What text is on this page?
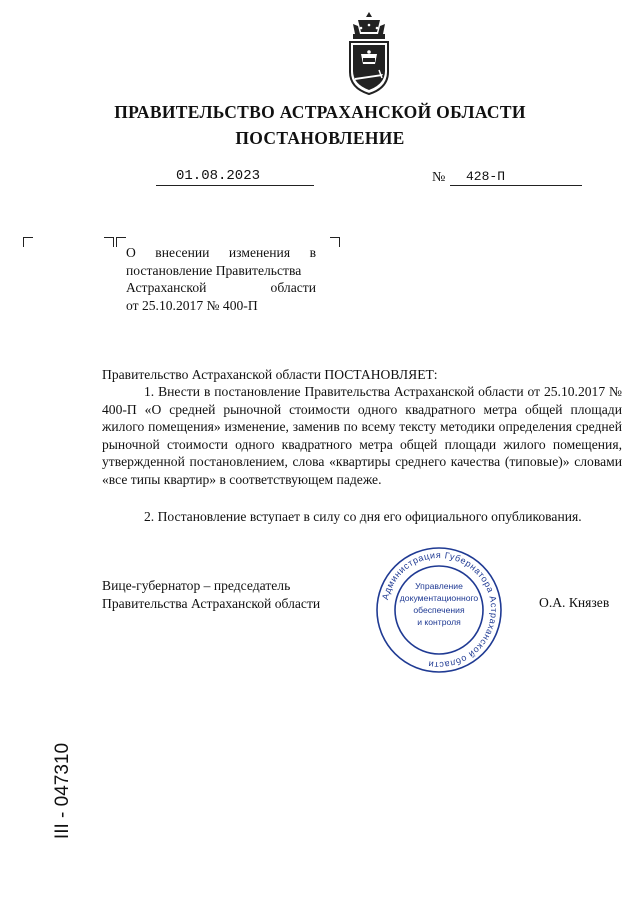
ПРАВИТЕЛЬСТВО АСТРАХАНСКОЙ ОБЛАСТИ
ПОСТАНОВЛЕНИЕ
01.08.2023	№ 428-П
О внесении изменения в
постановление Правительства
Астраханской	области
от 25.10.2017 № 400-П
Правительство Астраханской области ПОСТАНОВЛЯЕТ:
1. Внести в постановление Правительства Астраханской области от 25.10.2017 № 400-П «О средней рыночной стоимости одного квадратного метра общей площади жилого помещения» изменение, заменив по всему тексту методики определения средней рыночной стоимости одного квадратного метра общей площади жилого помещения, утвержденной постановлением, слова «квартиры среднего качества (типовые)» словами «все типы квартир» в соответствующем падеже.
2. Постановление вступает в силу со дня его официального опубликования.
Вице-губернатор – председатель
Правительства Астраханской области	О.А. Князев
Администрация Губернатора Астраханской области
Управление
документационного
обеспечения
и контроля
III - 047310
